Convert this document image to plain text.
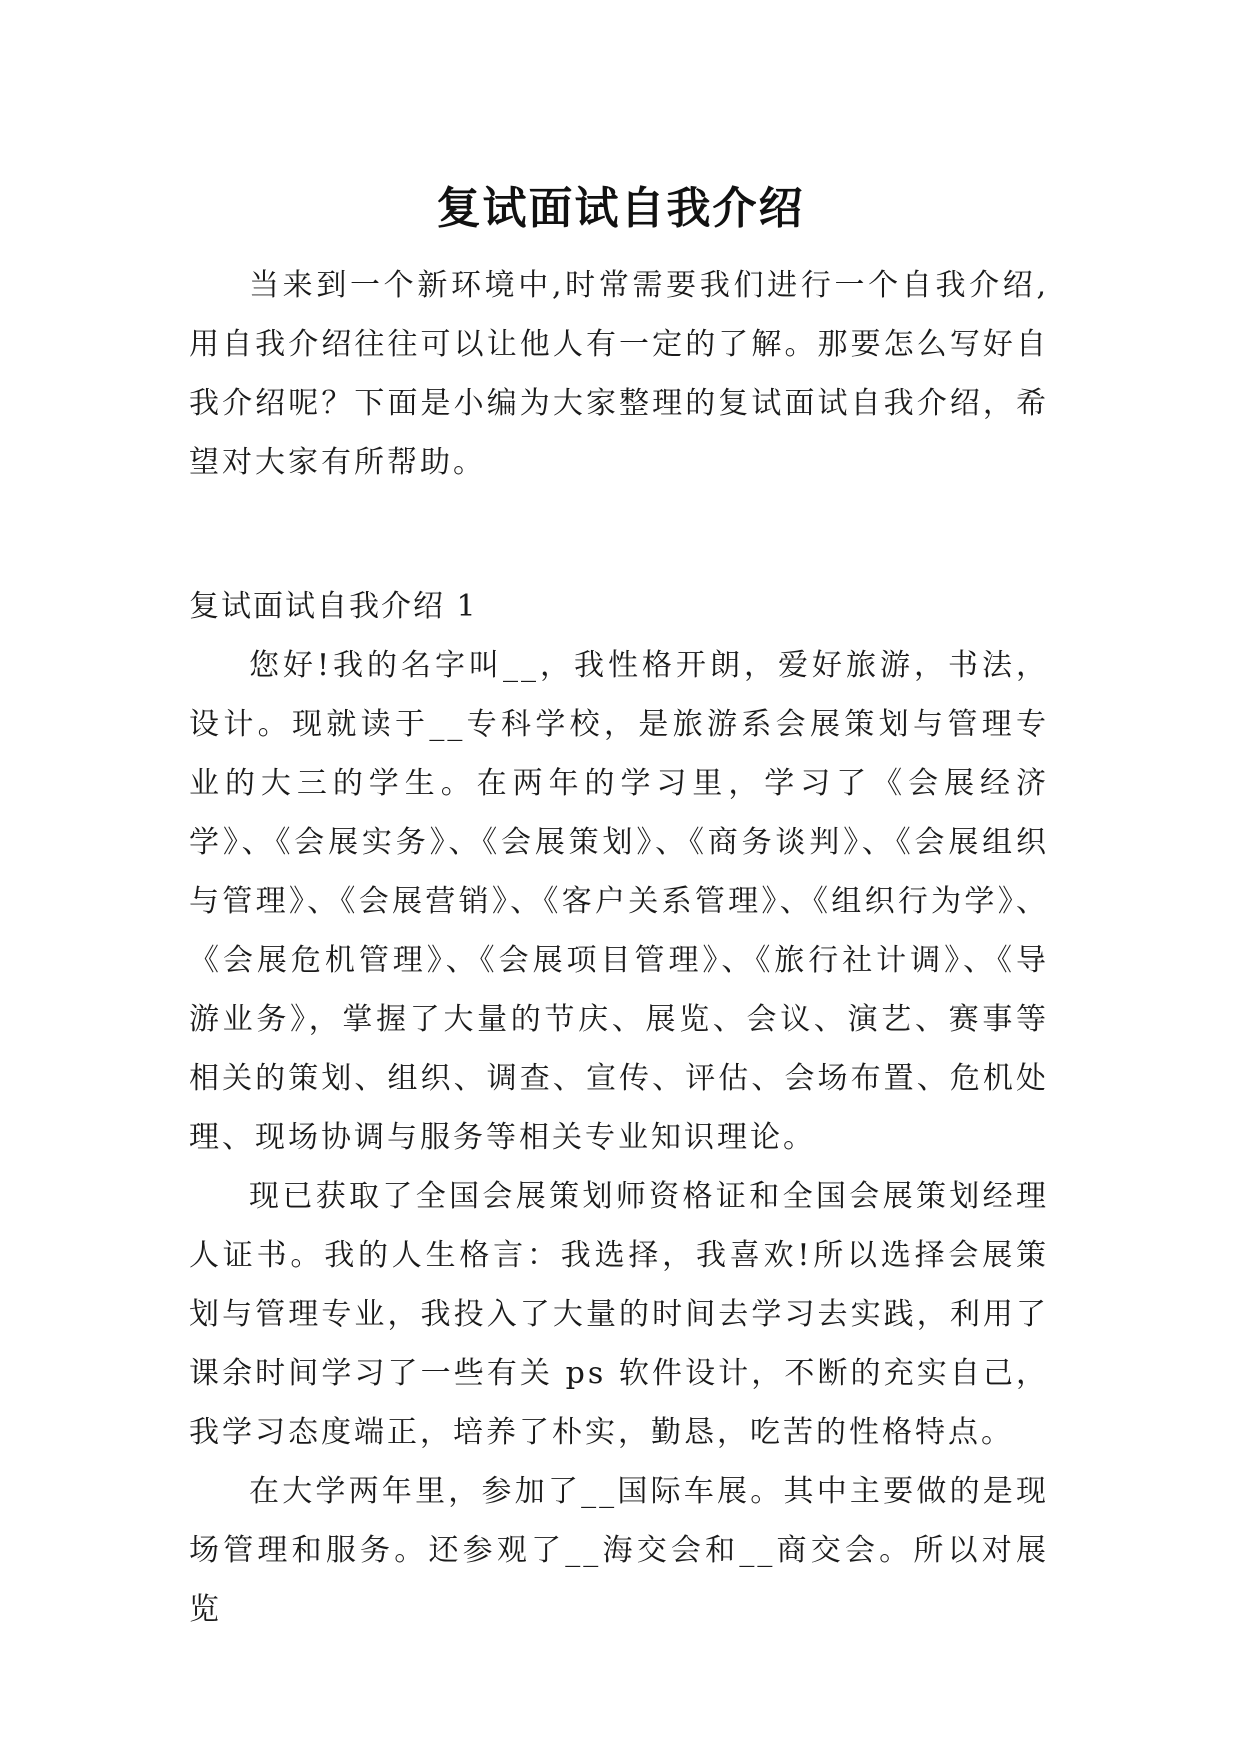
复试面试自我介绍

当来到一个新环境中,时常需要我们进行一个自我介绍,用自我介绍往往可以让他人有一定的了解。那要怎么写好自我介绍呢？下面是小编为大家整理的复试面试自我介绍，希望对大家有所帮助。

复试面试自我介绍 1

您好!我的名字叫__，我性格开朗，爱好旅游，书法，设计。现就读于__专科学校，是旅游系会展策划与管理专业的大三的学生。在两年的学习里，学习了《会展经济学》、《会展实务》、《会展策划》、《商务谈判》、《会展组织与管理》、《会展营销》、《客户关系管理》、《组织行为学》、《会展危机管理》、《会展项目管理》、《旅行社计调》、《导游业务》，掌握了大量的节庆、展览、会议、演艺、赛事等相关的策划、组织、调查、宣传、评估、会场布置、危机处理、现场协调与服务等相关专业知识理论。

现已获取了全国会展策划师资格证和全国会展策划经理人证书。我的人生格言：我选择，我喜欢!所以选择会展策划与管理专业，我投入了大量的时间去学习去实践，利用了课余时间学习了一些有关 ps 软件设计，不断的充实自己，我学习态度端正，培养了朴实，勤恳，吃苦的性格特点。

在大学两年里，参加了__国际车展。其中主要做的是现场管理和服务。还参观了__海交会和__商交会。所以对展览
